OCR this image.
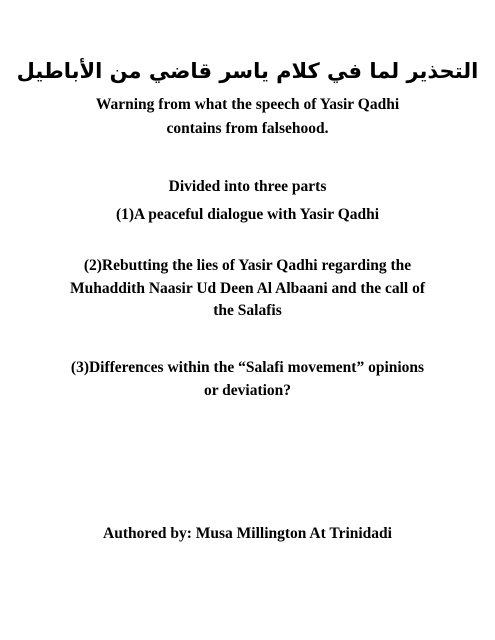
التحذير لما في كلام ياسر قاضي من الأباطيل
Warning from what the speech of Yasir Qadhi
contains from falsehood.
Divided into three parts
(1)A peaceful dialogue with Yasir Qadhi
(2)Rebutting the lies of Yasir Qadhi regarding the
Muhaddith Naasir Ud Deen Al Albaani and the call of
the Salafis
(3)Differences within the “Salafi movement” opinions
or deviation?
Authored by: Musa Millington At Trinidadi
